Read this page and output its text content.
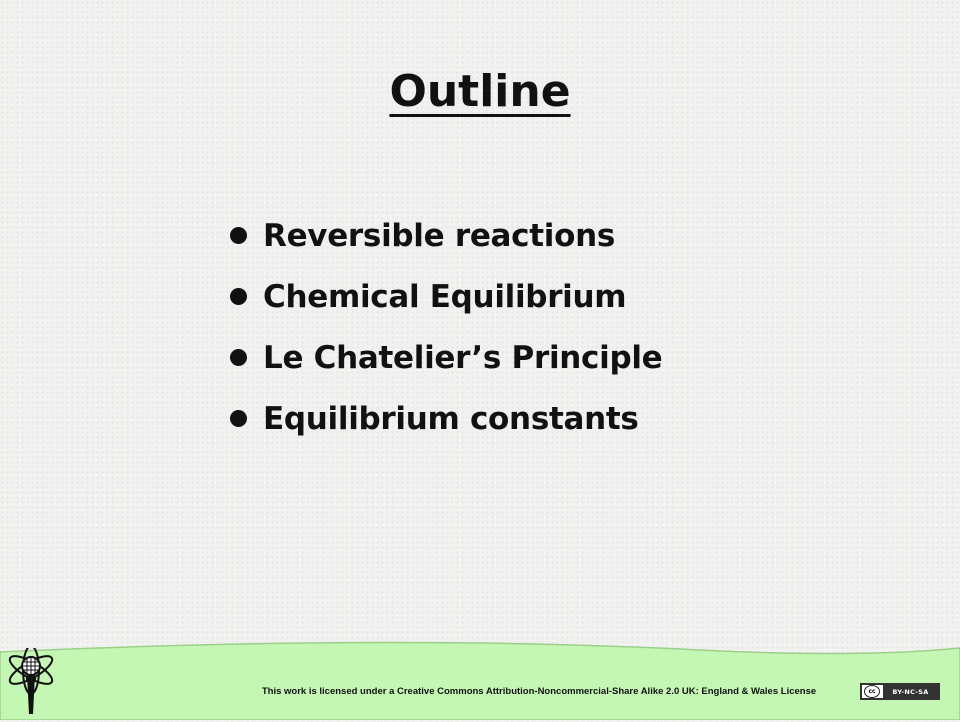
Outline
Reversible reactions
Chemical Equilibrium
Le Chatelier’s Principle
Equilibrium constants
This work is licensed under a Creative Commons Attribution-Noncommercial-Share Alike 2.0 UK: England & Wales License	cc	BY-NC-SA
